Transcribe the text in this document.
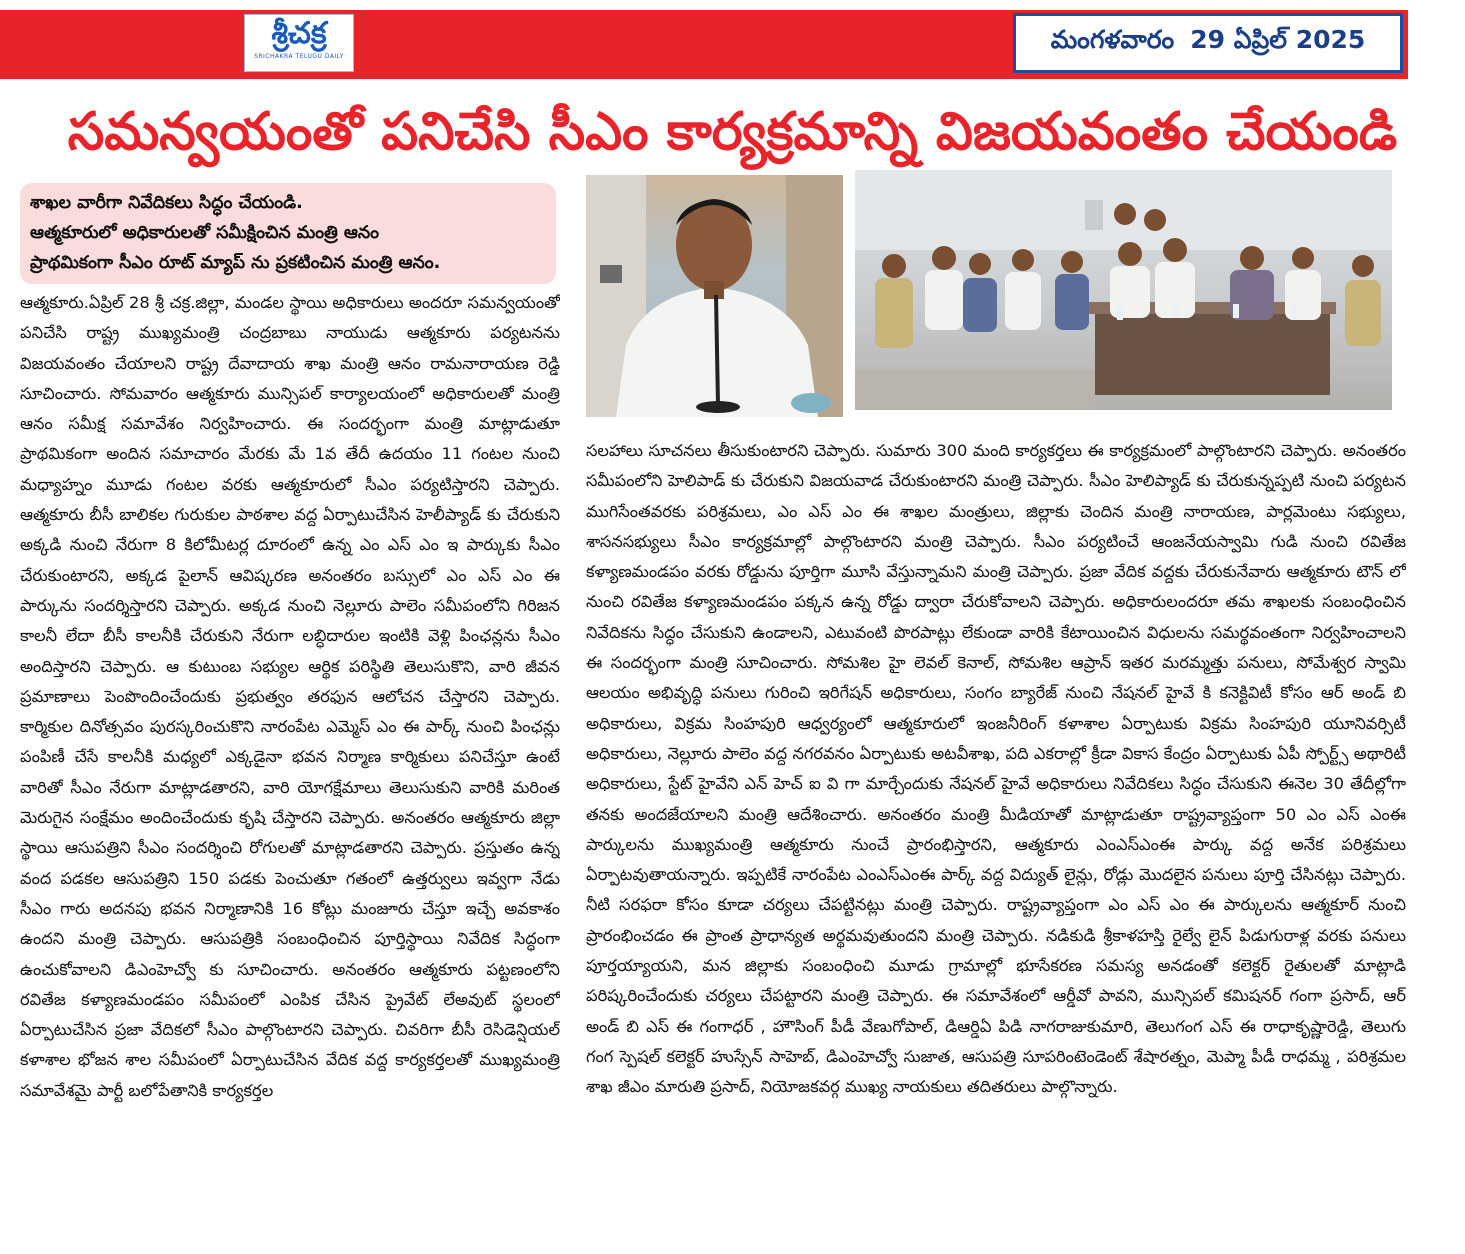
శ్రీచక్ర
SRICHAKRA TELUGU DAILY
మంగళవారం 29 ఏప్రిల్ 2025
సమన్వయంతో పనిచేసి సీఎం కార్యక్రమాన్ని విజయవంతం చేయండి
శాఖల వారీగా నివేదికలు సిద్ధం చేయండి.
ఆత్మకూరులో అధికారులతో సమీక్షించిన మంత్రి ఆనం
ప్రాథమికంగా సీఎం రూట్ మ్యాప్ ను ప్రకటించిన మంత్రి ఆనం.
ఆత్మకూరు.ఏప్రిల్ 28 శ్రీ చక్ర.జిల్లా, మండల స్థాయి అధికారులు అందరూ సమన్వయంతో పనిచేసి రాష్ట్ర ముఖ్యమంత్రి చంద్రబాబు నాయుడు ఆత్మకూరు పర్యటనను విజయవంతం చేయాలని రాష్ట్ర దేవాదాయ శాఖ మంత్రి ఆనం రామనారాయణ రెడ్డి సూచించారు. సోమవారం ఆత్మకూరు మున్సిపల్ కార్యాలయంలో అధికారులతో మంత్రి ఆనం సమీక్ష సమావేశం నిర్వహించారు. ఈ సందర్భంగా మంత్రి మాట్లాడుతూ ప్రాథమికంగా అందిన సమాచారం మేరకు మే 1వ తేదీ ఉదయం 11 గంటల నుంచి మధ్యాహ్నం మూడు గంటల వరకు ఆత్మకూరులో సీఎం పర్యటిస్తారని చెప్పారు. ఆత్మకూరు బీసీ బాలికల గురుకుల పాఠశాల వద్ద ఏర్పాటుచేసిన హెలీప్యాడ్ కు చేరుకుని అక్కడి నుంచి నేరుగా 8 కిలోమీటర్ల దూరంలో ఉన్న ఎం ఎస్ ఎం ఇ పార్కుకు సీఎం చేరుకుంటారని, అక్కడ పైలాన్ ఆవిష్కరణ అనంతరం బస్సులో ఎం ఎస్ ఎం ఈ పార్కును సందర్శిస్తారని చెప్పారు. అక్కడ నుంచి నెల్లూరు పాలెం సమీపంలోని గిరిజన కాలనీ లేదా బీసీ కాలనీకి చేరుకుని నేరుగా లబ్ధిదారుల ఇంటికి వెళ్లి పింఛన్లను సీఎం అందిస్తారని చెప్పారు. ఆ కుటుంబ సభ్యుల ఆర్థిక పరిస్థితి తెలుసుకొని, వారి జీవన ప్రమాణాలు పెంపొందించేందుకు ప్రభుత్వం తరఫున ఆలోచన చేస్తారని చెప్పారు. కార్మికుల దినోత్సవం పురస్కరించుకొని నారంపేట ఎమ్మెస్ ఎం ఈ పార్క్ నుంచి పింఛన్లు పంపిణీ చేసే కాలనీకి మధ్యలో ఎక్కడైనా భవన నిర్మాణ కార్మికులు పనిచేస్తూ ఉంటే వారితో సీఎం నేరుగా మాట్లాడతారని, వారి యోగక్షేమాలు తెలుసుకుని వారికి మరింత మెరుగైన సంక్షేమం అందించేందుకు కృషి చేస్తారని చెప్పారు. అనంతరం ఆత్మకూరు జిల్లా స్థాయి ఆసుపత్రిని సీఎం సందర్శించి రోగులతో మాట్లాడతారని చెప్పారు. ప్రస్తుతం ఉన్న వంద పడకల ఆసుపత్రిని 150 పడకు పెంచుతూ గతంలో ఉత్తర్వులు ఇవ్వగా నేడు సీఎం గారు అదనపు భవన నిర్మాణానికి 16 కోట్లు మంజూరు చేస్తూ ఇచ్చే అవకాశం ఉందని మంత్రి చెప్పారు. ఆసుపత్రికి సంబంధించిన పూర్తిస్థాయి నివేదిక సిద్ధంగా ఉంచుకోవాలని డిఎంహెచ్వో కు సూచించారు. అనంతరం ఆత్మకూరు పట్టణంలోని రవితేజ కళ్యాణమండపం సమీపంలో ఎంపిక చేసిన ప్రైవేట్ లేఅవుట్ స్థలంలో ఏర్పాటుచేసిన ప్రజా వేదికలో సీఎం పాల్గొంటారని చెప్పారు. చివరిగా బీసీ రెసిడెన్షియల్ కళాశాల భోజన శాల సమీపంలో ఏర్పాటుచేసిన వేదిక వద్ద కార్యకర్తలతో ముఖ్యమంత్రి సమావేశమై పార్టీ బలోపేతానికి కార్యకర్తల
సలహాలు సూచనలు తీసుకుంటారని చెప్పారు. సుమారు 300 మంది కార్యకర్తలు ఈ కార్యక్రమంలో పాల్గొంటారని చెప్పారు. అనంతరం సమీపంలోని హెలిపాడ్ కు చేరుకుని విజయవాడ చేరుకుంటారని మంత్రి చెప్పారు. సీఎం హెలిప్యాడ్ కు చేరుకున్నప్పటి నుంచి పర్యటన ముగిసేంతవరకు పరిశ్రమలు, ఎం ఎస్ ఎం ఈ శాఖల మంత్రులు, జిల్లాకు చెందిన మంత్రి నారాయణ, పార్లమెంటు సభ్యులు, శాసనసభ్యులు సీఎం కార్యక్రమాల్లో పాల్గొంటారని మంత్రి చెప్పారు. సీఎం పర్యటించే ఆంజనేయస్వామి గుడి నుంచి రవితేజ కళ్యాణమండపం వరకు రోడ్డును పూర్తిగా మూసి వేస్తున్నామని మంత్రి చెప్పారు. ప్రజా వేదిక వద్దకు చేరుకునేవారు ఆత్మకూరు టౌన్ లో నుంచి రవితేజ కళ్యాణమండపం పక్కన ఉన్న రోడ్డు ద్వారా చేరుకోవాలని చెప్పారు. అధికారులందరూ తమ శాఖలకు సంబంధించిన నివేదికను సిద్ధం చేసుకుని ఉండాలని, ఎటువంటి పొరపాట్లు లేకుండా వారికి కేటాయించిన విధులను సమర్థవంతంగా నిర్వహించాలని ఈ సందర్భంగా మంత్రి సూచించారు. సోమశిల హై లెవల్ కెనాల్, సోమశిల ఆప్రాన్ ఇతర మరమ్మత్తు పనులు, సోమేశ్వర స్వామి ఆలయం అభివృద్ధి పనులు గురించి ఇరిగేషన్ అధికారులు, సంగం బ్యారేజ్ నుంచి నేషనల్ హైవే కి కనెక్టివిటీ కోసం ఆర్ అండ్ బి అధికారులు, విక్రమ సింహపురి ఆధ్వర్యంలో ఆత్మకూరులో ఇంజనీరింగ్ కళాశాల ఏర్పాటుకు విక్రమ సింహపురి యూనివర్సిటీ అధికారులు, నెల్లూరు పాలెం వద్ద నగరవనం ఏర్పాటుకు అటవీశాఖ, పది ఎకరాల్లో క్రీడా వికాస కేంద్రం ఏర్పాటుకు ఏపీ స్పోర్ట్స్ అథారిటీ అధికారులు, స్టేట్ హైవేని ఎన్ హెచ్ ఐ వి గా మార్చేందుకు నేషనల్ హైవే అధికారులు నివేదికలు సిద్ధం చేసుకుని ఈనెల 30 తేదీల్లోగా తనకు అందజేయాలని మంత్రి ఆదేశించారు. అనంతరం మంత్రి మీడియాతో మాట్లాడుతూ రాష్ట్రవ్యాప్తంగా 50 ఎం ఎస్ ఎంఈ పార్కులను ముఖ్యమంత్రి ఆత్మకూరు నుంచే ప్రారంభిస్తారని, ఆత్మకూరు ఎంఎస్ఎంఈ పార్కు వద్ద అనేక పరిశ్రమలు ఏర్పాటవుతాయన్నారు. ఇప్పటికే నారంపేట ఎంఎస్ఎంఈ పార్క్ వద్ద విద్యుత్ లైన్లు, రోడ్లు మొదలైన పనులు పూర్తి చేసినట్లు చెప్పారు. నీటి సరఫరా కోసం కూడా చర్యలు చేపట్టినట్లు మంత్రి చెప్పారు. రాష్ట్రవ్యాప్తంగా ఎం ఎస్ ఎం ఈ పార్కులను ఆత్మకూర్ నుంచి ప్రారంభించడం ఈ ప్రాంత ప్రాధాన్యత అర్థమవుతుందని మంత్రి చెప్పారు. నడికుడి శ్రీకాళహస్తి రైల్వే లైన్ పిడుగురాళ్ల వరకు పనులు పూర్తయ్యాయని, మన జిల్లాకు సంబంధించి మూడు గ్రామాల్లో భూసేకరణ సమస్య అనడంతో కలెక్టర్ రైతులతో మాట్లాడి పరిష్కరించేందుకు చర్యలు చేపట్టారని మంత్రి చెప్పారు. ఈ సమావేశంలో ఆర్డీవో పావని, మున్సిపల్ కమిషనర్ గంగా ప్రసాద్, ఆర్ అండ్ బి ఎస్ ఈ గంగాధర్ , హౌసింగ్ పీడీ వేణుగోపాల్, డిఆర్డిఏ పిడి నాగరాజుకుమారి, తెలుగంగ ఎస్ ఈ రాధాకృష్ణారెడ్డి, తెలుగు గంగ స్పెషల్ కలెక్టర్ హుస్సేన్ సాహెబ్, డిఎంహెచ్వో సుజాత, ఆసుపత్రి సూపరింటెండెంట్ శేషారత్నం, మెప్మా పీడీ రాధమ్మ , పరిశ్రమల శాఖ జీఎం మారుతి ప్రసాద్, నియోజకవర్గ ముఖ్య నాయకులు తదితరులు పాల్గొన్నారు.
